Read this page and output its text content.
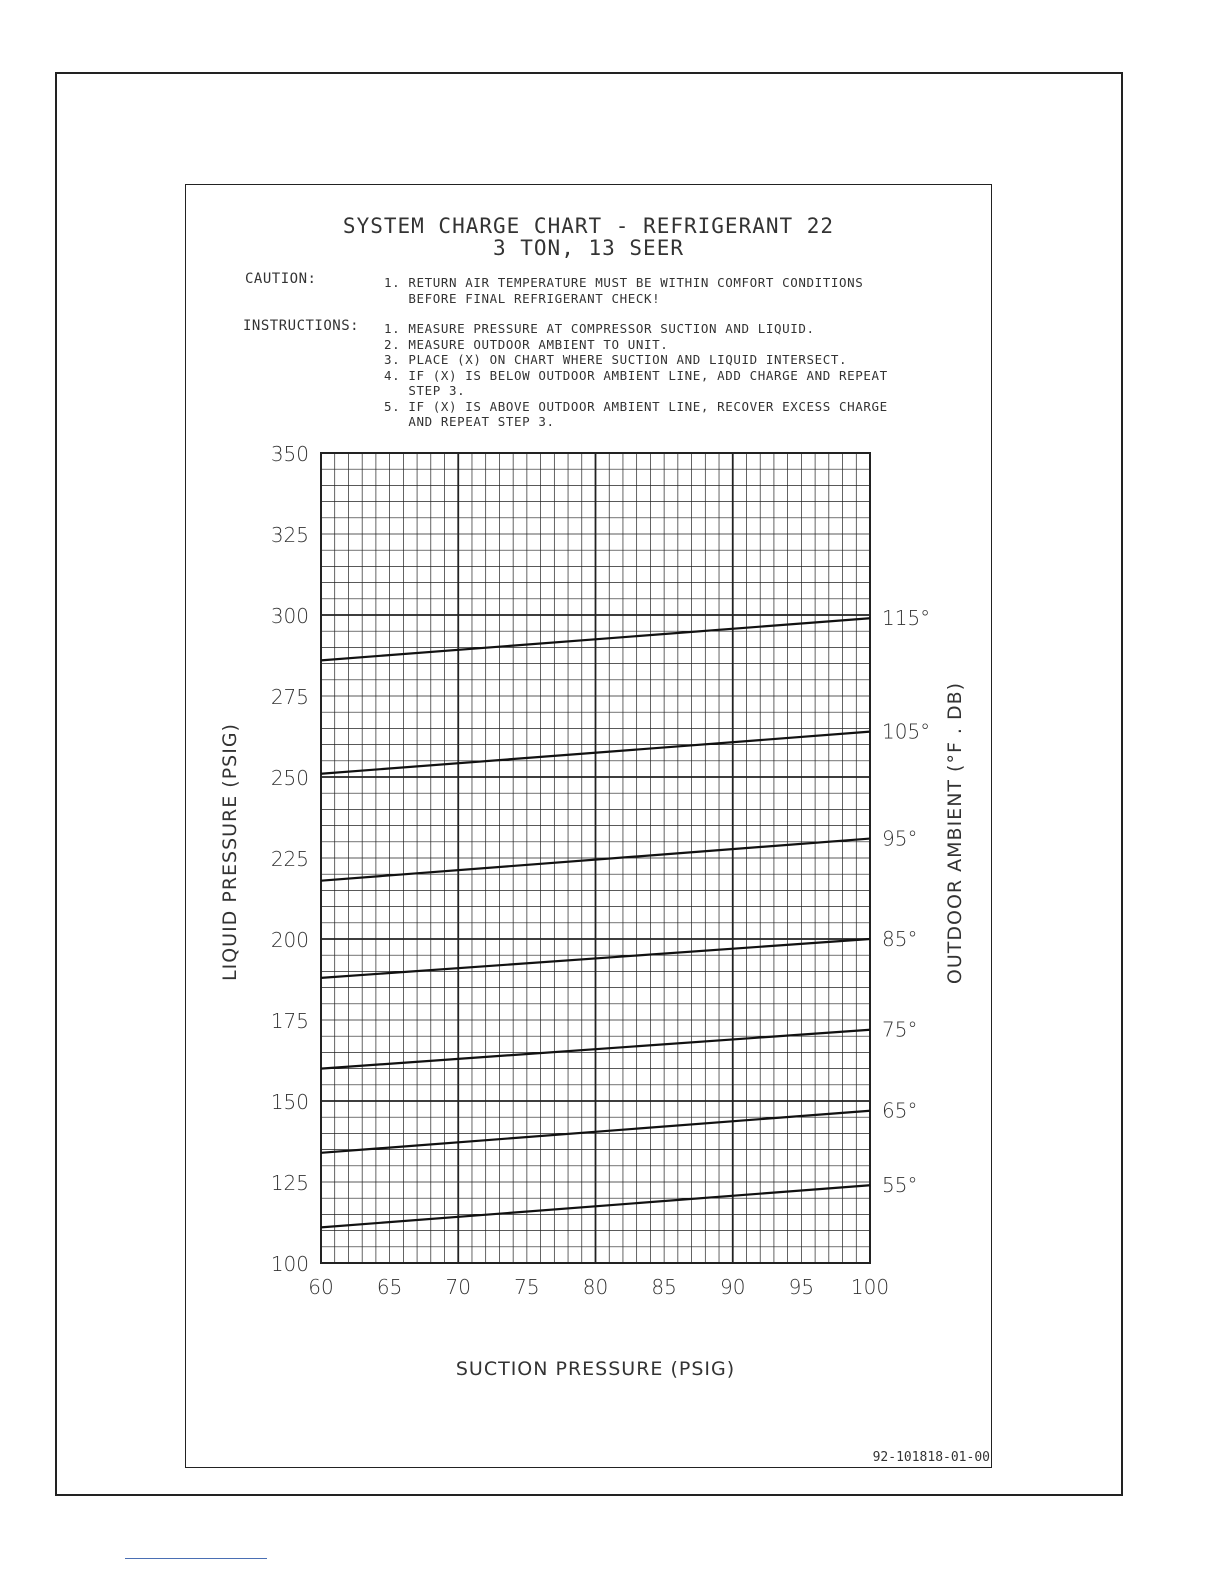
SYSTEM CHARGE CHART - REFRIGERANT 22
3 TON, 13 SEER
CAUTION:	1. RETURN AIR TEMPERATURE MUST BE WITHIN COMFORT CONDITIONS
BEFORE FINAL REFRIGERANT CHECK!
INSTRUCTIONS: 1. MEASURE PRESSURE AT COMPRESSOR SUCTION AND LIQUID.
2. MEASURE OUTDOOR AMBIENT TO UNIT.
3. PLACE (X) ON CHART WHERE SUCTION AND LIQUID INTERSECT.
4. IF (X) IS BELOW OUTDOOR AMBIENT LINE, ADD CHARGE AND REPEAT
STEP 3.
5. IF (X) IS ABOVE OUTDOOR AMBIENT LINE, RECOVER EXCESS CHARGE
AND REPEAT STEP 3.
60 65 70 75 80 85 90 95 100
100
125
150
175
200
225
250
275
300
325
350
55°
65°
75°
85°
95°
105°
115°
SUCTION PRESSURE (PSIG)
LIQUID PRESSURE (PSIG)	OUTDOOR AMBIENT (°F . DB)
92-101818-01-00
